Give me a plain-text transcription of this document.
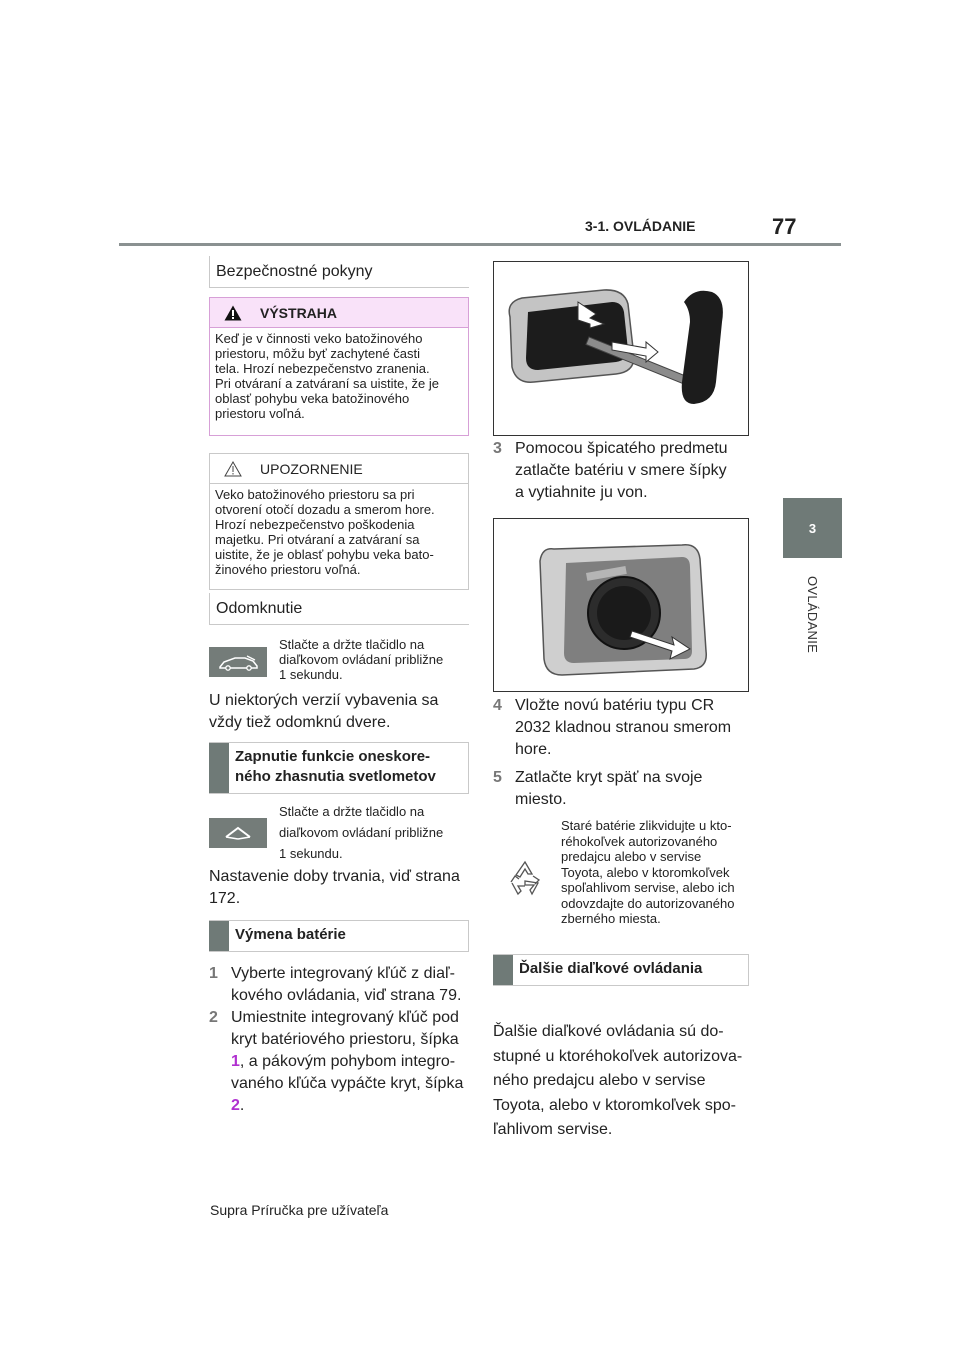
3-1. OVLÁDANIE	77
3
OVLÁDANIE
Bezpečnostné pokyny
VÝSTRAHA
Keď je v činnosti veko batožinového
priestoru, môžu byť zachytené časti
tela. Hrozí nebezpečenstvo zranenia.
Pri otváraní a zatváraní sa uistite, že je
oblasť pohybu veka batožinového
priestoru voľná.
UPOZORNENIE
Veko batožinového priestoru sa pri
otvorení otočí dozadu a smerom hore.
Hrozí nebezpečenstvo poškodenia
majetku. Pri otváraní a zatváraní sa
uistite, že je oblasť pohybu veka bato-
žinového priestoru voľná.
Odomknutie
Stlačte a držte tlačidlo na
diaľkovom ovládaní približne
1 sekundu.
U niektorých verzií vybavenia sa
vždy tiež odomknú dvere.
Zapnutie funkcie oneskore-
ného zhasnutia svetlometov
Stlačte a držte tlačidlo na
diaľkovom ovládaní približne
1 sekundu.
Nastavenie doby trvania, viď strana
172.
Výmena batérie
1 Vyberte integrovaný kľúč z diaľ-
kového ovládania, viď strana 79.
2 Umiestnite integrovaný kľúč pod
kryt batériového priestoru, šípka
1, a pákovým pohybom integro-
vaného kľúča vypáčte kryt, šípka
2.
3 Pomocou špicatého predmetu
zatlačte batériu v smere šípky
a vytiahnite ju von.
4 Vložte novú batériu typu CR
2032 kladnou stranou smerom
hore.
5 Zatlačte kryt späť na svoje
miesto.
Staré batérie zlikvidujte u kto-
réhokoľvek autorizovaného
predajcu alebo v servise
Toyota, alebo v ktoromkoľvek
spoľahlivom servise, alebo ich
odovzdajte do autorizovaného
zberného miesta.
Ďalšie diaľkové ovládania
Ďalšie diaľkové ovládania sú do-
stupné u ktoréhokoľvek autorizova-
ného predajcu alebo v servise
Toyota, alebo v ktoromkoľvek spo-
ľahlivom servise.
Supra Príručka pre užívateľa
